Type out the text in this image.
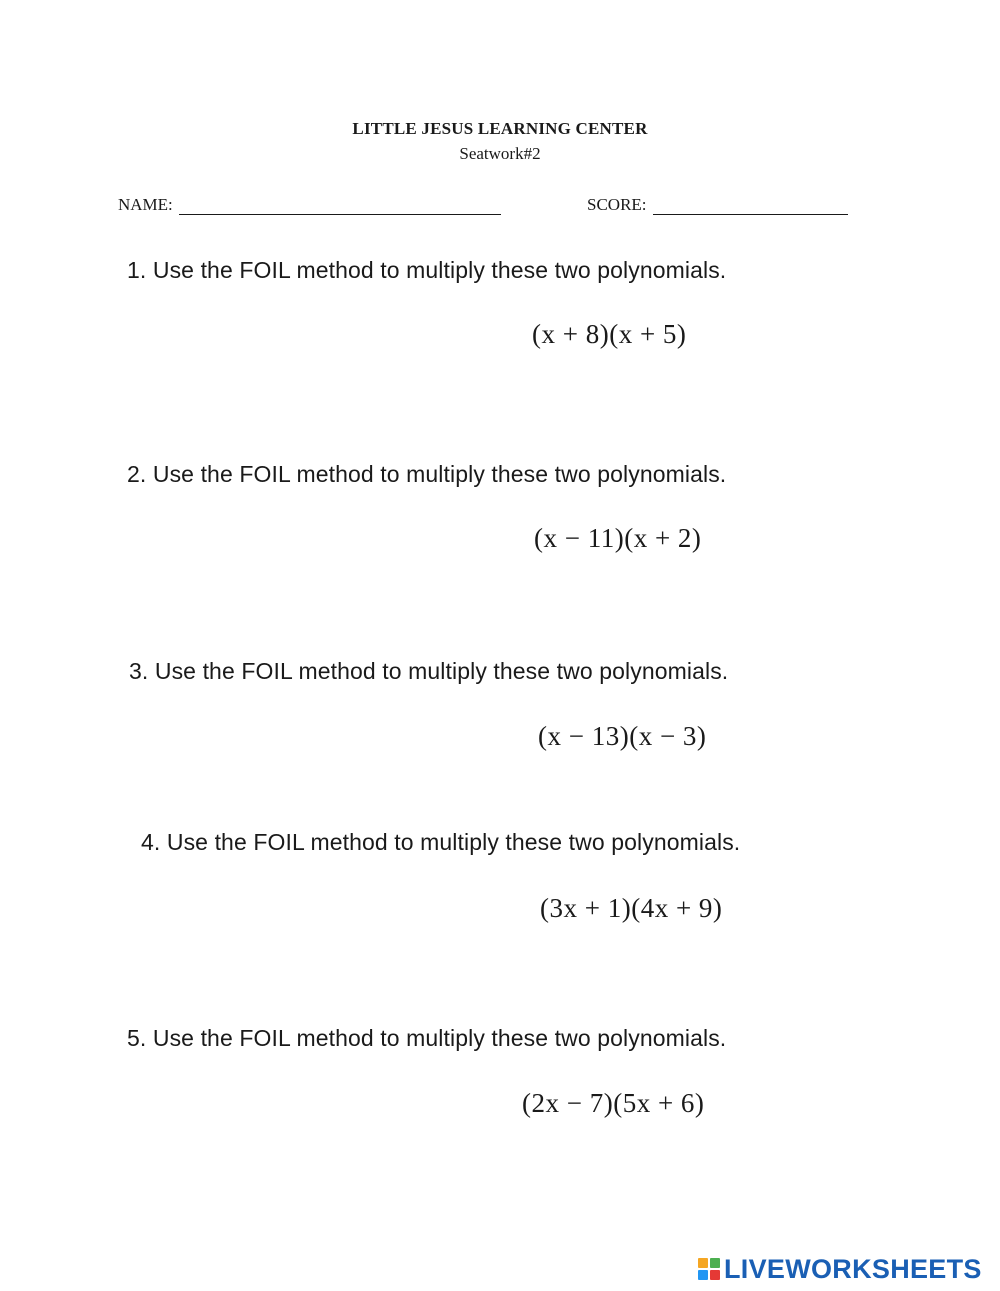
LITTLE JESUS LEARNING CENTER
Seatwork#2
NAME:	SCORE:
1. Use the FOIL method to multiply these two polynomials.
(x + 8)(x + 5)
2. Use the FOIL method to multiply these two polynomials.
(x − 11)(x + 2)
3. Use the FOIL method to multiply these two polynomials.
(x − 13)(x − 3)
4. Use the FOIL method to multiply these two polynomials.
(3x + 1)(4x + 9)
5. Use the FOIL method to multiply these two polynomials.
(2x − 7)(5x + 6)
LIVEWORKSHEETS
